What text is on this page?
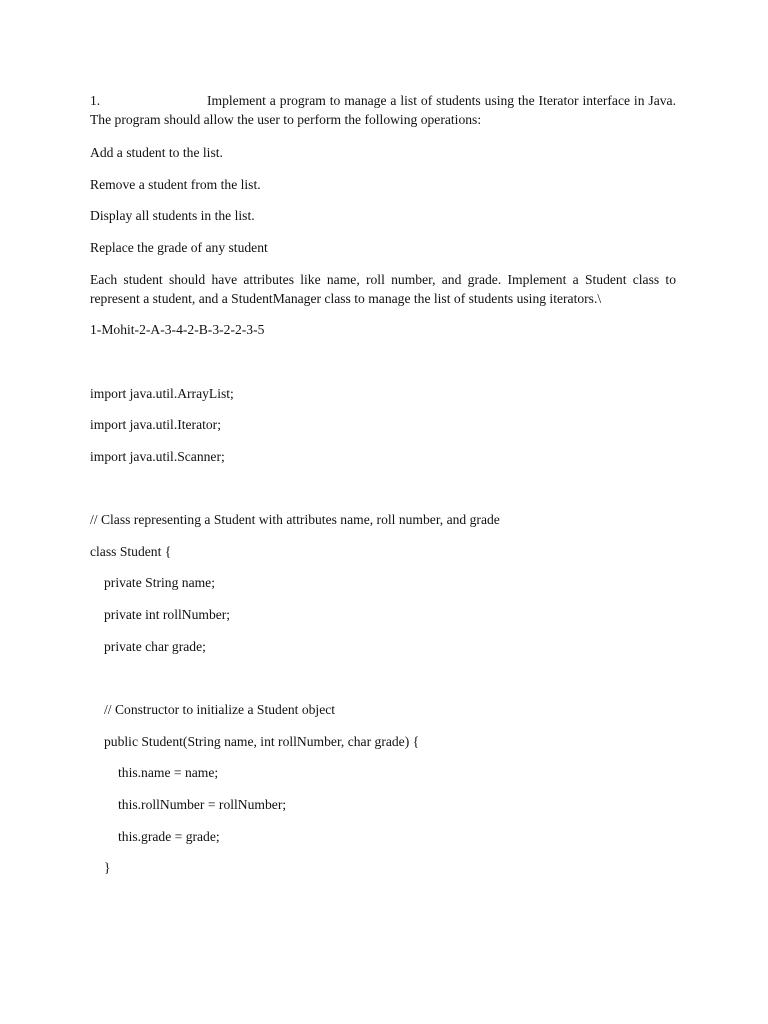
1.	Implement a program to manage a list of students using the Iterator interface in Java.
The program should allow the user to perform the following operations:
Add a student to the list.
Remove a student from the list.
Display all students in the list.
Replace the grade of any student
Each student should have attributes like name, roll number, and grade. Implement a Student class to
represent a student, and a StudentManager class to manage the list of students using iterators.\
1-Mohit-2-A-3-4-2-B-3-2-2-3-5
import java.util.ArrayList;
import java.util.Iterator;
import java.util.Scanner;
// Class representing a Student with attributes name, roll number, and grade
class Student {
private String name;
private int rollNumber;
private char grade;
// Constructor to initialize a Student object
public Student(String name, int rollNumber, char grade) {
this.name = name;
this.rollNumber = rollNumber;
this.grade = grade;
}
